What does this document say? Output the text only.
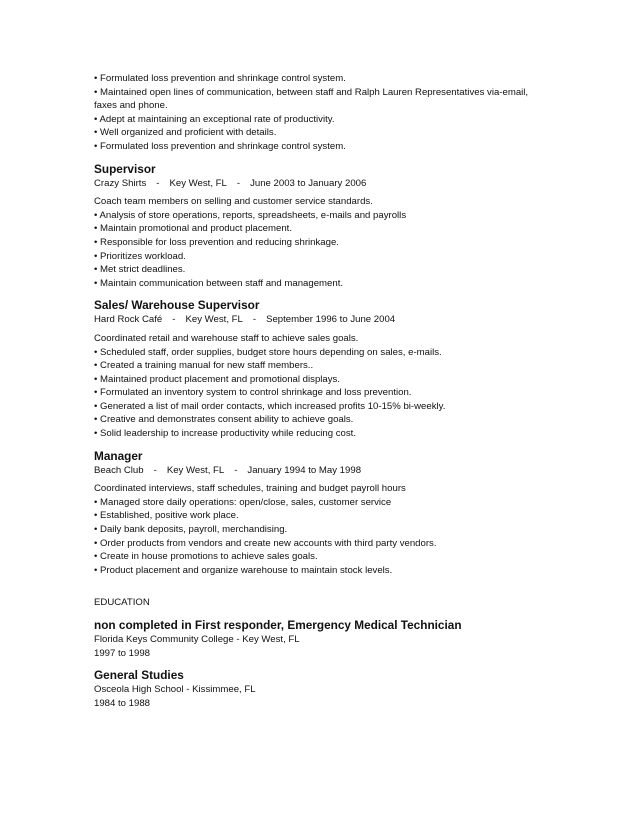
• Formulated loss prevention and shrinkage control system.
• Maintained open lines of communication, between staff and Ralph Lauren Representatives via-email, faxes and phone.
• Adept at maintaining an exceptional rate of productivity.
• Well organized and proficient with details.
• Formulated loss prevention and shrinkage control system.
Supervisor
Crazy Shirts - Key West, FL - June 2003 to January 2006
Coach team members on selling and customer service standards.
• Analysis of store operations, reports, spreadsheets, e-mails and payrolls
• Maintain promotional and product placement.
• Responsible for loss prevention and reducing shrinkage.
• Prioritizes workload.
• Met strict deadlines.
• Maintain communication between staff and management.
Sales/ Warehouse Supervisor
Hard Rock Café - Key West, FL - September 1996 to June 2004
Coordinated retail and warehouse staff to achieve sales goals.
• Scheduled staff, order supplies, budget store hours depending on sales, e-mails.
• Created a training manual for new staff members..
• Maintained product placement and promotional displays.
• Formulated an inventory system to control shrinkage and loss prevention.
• Generated a list of mail order contacts, which increased profits 10-15% bi-weekly.
• Creative and demonstrates consent ability to achieve goals.
• Solid leadership to increase productivity while reducing cost.
Manager
Beach Club - Key West, FL - January 1994 to May 1998
Coordinated interviews, staff schedules, training and budget payroll hours
• Managed store daily operations: open/close, sales, customer service
• Established, positive work place.
• Daily bank deposits, payroll, merchandising.
• Order products from vendors and create new accounts with third party vendors.
• Create in house promotions to achieve sales goals.
• Product placement and organize warehouse to maintain stock levels.
EDUCATION
non completed in First responder, Emergency Medical Technician
Florida Keys Community College - Key West, FL
1997 to 1998
General Studies
Osceola High School - Kissimmee, FL
1984 to 1988
